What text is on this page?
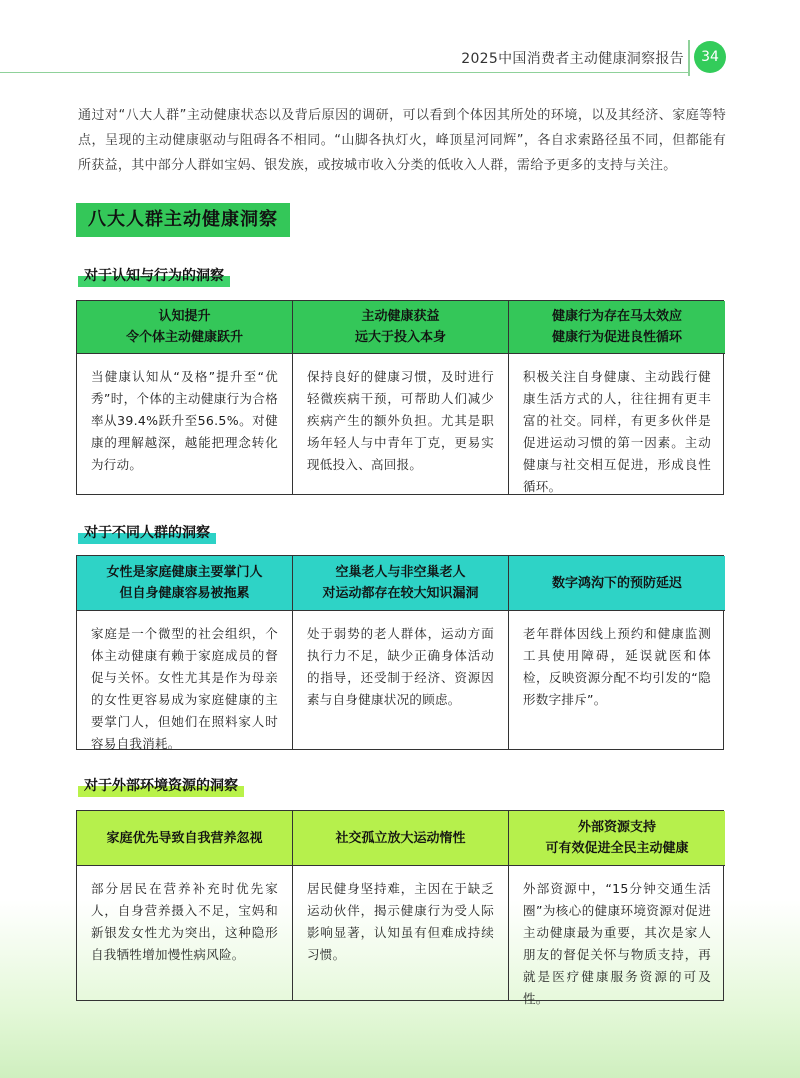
2025中国消费者主动健康洞察报告	34

通过对“八大人群”主动健康状态以及背后原因的调研，可以看到个体因其所处的环境，以及其经济、家庭等特点，呈现的主动健康驱动与阻碍各不相同。“山脚各执灯火，峰顶星河同辉”，各自求索路径虽不同，但都能有所获益，其中部分人群如宝妈、银发族，或按城市收入分类的低收入人群，需给予更多的支持与关注。

八大人群主动健康洞察
对于认知与行为的洞察
认知提升
令个体主动健康跃升
主动健康获益
远大于投入本身
健康行为存在马太效应
健康行为促进良性循环
当健康认知从“及格”提升至“优秀”时，个体的主动健康行为合格率从39.4%跃升至56.5%。对健康的理解越深，越能把理念转化为行动。
保持良好的健康习惯，及时进行轻微疾病干预，可帮助人们减少疾病产生的额外负担。尤其是职场年轻人与中青年丁克，更易实现低投入、高回报。
积极关注自身健康、主动践行健康生活方式的人，往往拥有更丰富的社交。同样，有更多伙伴是促进运动习惯的第一因素。主动健康与社交相互促进，形成良性循环。
对于不同人群的洞察
女性是家庭健康主要掌门人
但自身健康容易被拖累
空巢老人与非空巢老人
对运动都存在较大知识漏洞
数字鸿沟下的预防延迟
家庭是一个微型的社会组织，个体主动健康有赖于家庭成员的督促与关怀。女性尤其是作为母亲的女性更容易成为家庭健康的主要掌门人，但她们在照料家人时容易自我消耗。
处于弱势的老人群体，运动方面执行力不足，缺少正确身体活动的指导，还受制于经济、资源因素与自身健康状况的顾虑。
老年群体因线上预约和健康监测工具使用障碍，延误就医和体检，反映资源分配不均引发的“隐形数字排斥”。
对于外部环境资源的洞察
家庭优先导致自我营养忽视	社交孤立放大运动惰性
外部资源支持
可有效促进全民主动健康
部分居民在营养补充时优先家人，自身营养摄入不足，宝妈和新银发女性尤为突出，这种隐形自我牺牲增加慢性病风险。
居民健身坚持难，主因在于缺乏运动伙伴，揭示健康行为受人际影响显著，认知虽有但难成持续习惯。
外部资源中，“15分钟交通生活圈”为核心的健康环境资源对促进主动健康最为重要，其次是家人朋友的督促关怀与物质支持，再就是医疗健康服务资源的可及性。
